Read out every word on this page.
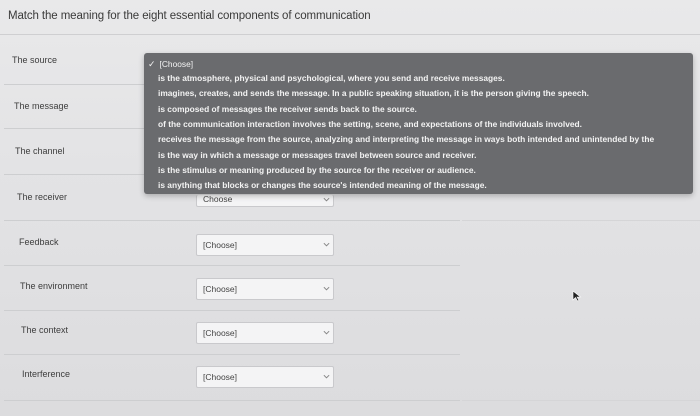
Match the meaning for the eight essential components of communication
The source
The message
The channel
The receiver
Feedback
The environment
The context
Interference
Choose
[Choose]
[Choose]
[Choose]
[Choose]
✓ [Choose]
is the atmosphere, physical and psychological, where you send and receive messages.
imagines, creates, and sends the message. In a public speaking situation, it is the person giving the speech.
is composed of messages the receiver sends back to the source.
of the communication interaction involves the setting, scene, and expectations of the individuals involved.
receives the message from the source, analyzing and interpreting the message in ways both intended and unintended by the
is the way in which a message or messages travel between source and receiver.
is the stimulus or meaning produced by the source for the receiver or audience.
is anything that blocks or changes the source's intended meaning of the message.
